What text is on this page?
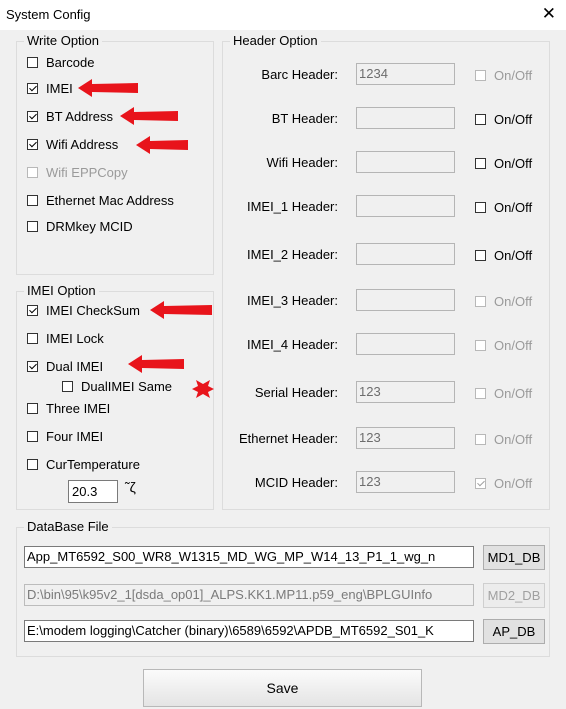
System Config	✕
Write Option
Barcode
IMEI
BT Address
Wifi Address
Wifi EPPCopy
Ethernet Mac Address
DRMkey MCID
IMEI Option
IMEI CheckSum
IMEI Lock
Dual IMEI
DualIMEI Same
Three IMEI
Four IMEI
CurTemperature
20.3	˜ζ
Header Option
Barc Header: 1234	On/Off
BT Header:	On/Off
Wifi Header:	On/Off
IMEI_1 Header:	On/Off
IMEI_2 Header:	On/Off
IMEI_3 Header:	On/Off
IMEI_4 Header:	On/Off
Serial Header: 123	On/Off
Ethernet Header: 123	On/Off
MCID Header: 123	On/Off
DataBase File
App_MT6592_S00_WR8_W1315_MD_WG_MP_W14_13_P1_1_wg_n	MD1_DB
D:\bin\95\k95v2_1[dsda_op01]_ALPS.KK1.MP11.p59_eng\BPLGUInfo	MD2_DB
E:\modem logging\Catcher (binary)\6589\6592\APDB_MT6592_S01_K	AP_DB
Save
